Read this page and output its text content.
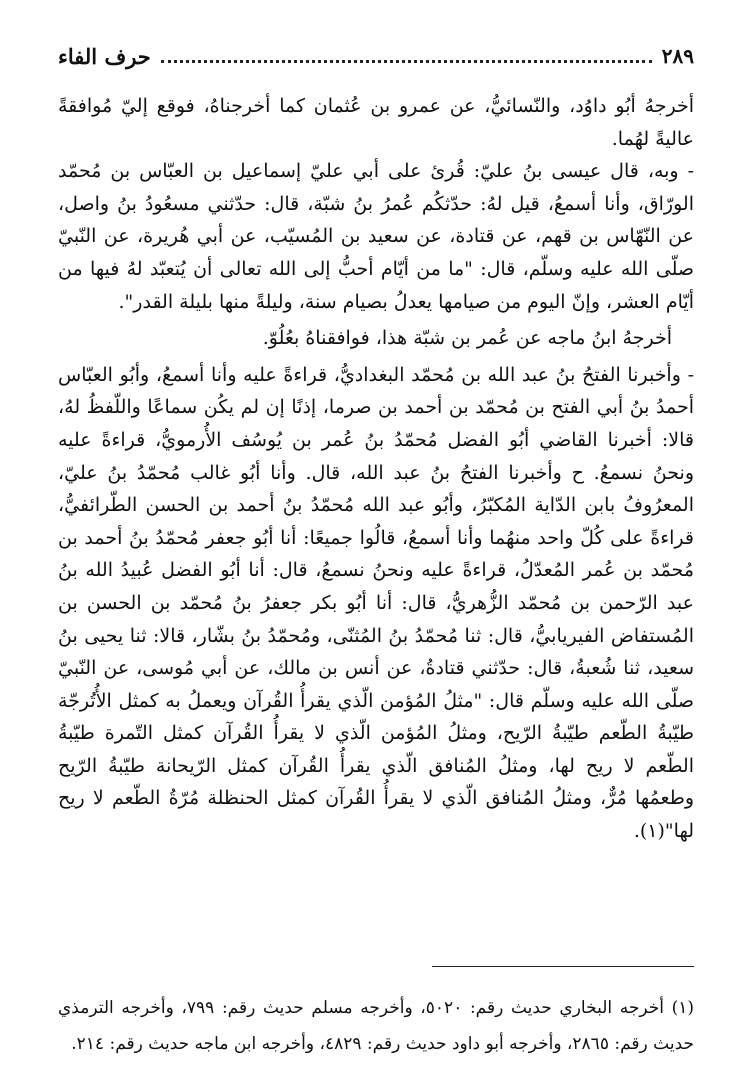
حرف الفاء	٢٨٩

أخرجهُ أبُو داوُد، والنّسائيُّ، عن عمرو بن عُثمان كما أخرجناهُ، فوقع إليّ مُوافقةً عاليةً لهُما.

- وبه، قال عيسى بنُ عليّ: قُرئ على أبي عليّ إسماعيل بن العبّاس بن مُحمّد الورّاق، وأنا أسمعُ، قيل لهُ: حدّثكُم عُمرُ بنُ شبّة، قال: حدّثني مسعُودُ بنُ واصل، عن النّهّاس بن قهم، عن قتادة، عن سعيد بن المُسيّب، عن أبي هُريرة، عن النّبيّ صلّى الله عليه وسلّم، قال: "ما من أيّام أحبُّ إلى الله تعالى أن يُتعبّد لهُ فيها من أيّام العشر، وإنّ اليوم من صيامها يعدلُ بصيام سنة، وليلةً منها بليلة القدر".

أخرجهُ ابنُ ماجه عن عُمر بن شبّة هذا، فوافقناهُ بعُلُوّ.

- وأخبرنا الفتحُ بنُ عبد الله بن مُحمّد البغداديُّ، قراءةً عليه وأنا أسمعُ، وأبُو العبّاس أحمدُ بنُ أبي الفتح بن مُحمّد بن أحمد بن صرما، إذنًا إن لم يكُن سماعًا واللّفظُ لهُ، قالا: أخبرنا القاضي أبُو الفضل مُحمّدُ بنُ عُمر بن يُوسُف الأُرمويُّ، قراءةً عليه ونحنُ نسمعُ. ح وأخبرنا الفتحُ بنُ عبد الله، قال. وأنا أبُو غالب مُحمّدُ بنُ عليّ، المعرُوفُ بابن الدّاية المُكبّرُ، وأبُو عبد الله مُحمّدُ بنُ أحمد بن الحسن الطّرائفيُّ، قراءةً على كُلّ واحد منهُما وأنا أسمعُ، قالُوا جميعًا: أنا أبُو جعفر مُحمّدُ بنُ أحمد بن مُحمّد بن عُمر المُعدّلُ، قراءةً عليه ونحنُ نسمعُ، قال: أنا أبُو الفضل عُبيدُ الله بنُ عبد الرّحمن بن مُحمّد الزُّهريُّ، قال: أنا أبُو بكر جعفرُ بنُ مُحمّد بن الحسن بن المُستفاض الفيريابيُّ، قال: ثنا مُحمّدُ بنُ المُثنّى، ومُحمّدُ بنُ بشّار، قالا: ثنا يحيى بنُ سعيد، ثنا شُعبةُ، قال: حدّثني قتادةُ، عن أنس بن مالك، عن أبي مُوسى، عن النّبيّ صلّى الله عليه وسلّم قال: "مثلُ المُؤمن الّذي يقرأُ القُرآن ويعملُ به كمثل الأُتُرجّة طيّبةُ الطّعم طيّبةُ الرّيح، ومثلُ المُؤمن الّذي لا يقرأُ القُرآن كمثل التّمرة طيّبةُ الطّعم لا ريح لها، ومثلُ المُنافق الّذي يقرأُ القُرآن كمثل الرّيحانة طيّبةُ الرّيح وطعمُها مُرٌّ، ومثلُ المُنافق الّذي لا يقرأُ القُرآن كمثل الحنظلة مُرّةُ الطّعم لا ريح لها"(١).

(١) أخرجه البخاري حديث رقم: ٥٠٢٠، وأخرجه مسلم حديث رقم: ٧٩٩، وأخرجه الترمذي حديث رقم: ٢٨٦٥، وأخرجه أبو داود حديث رقم: ٤٨٢٩، وأخرجه ابن ماجه حديث رقم: ٢١٤.
